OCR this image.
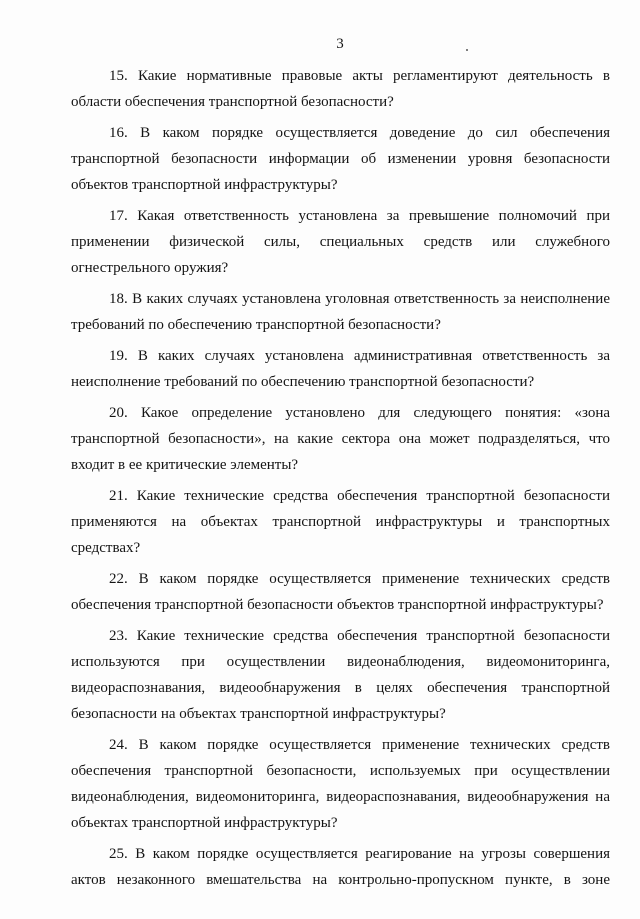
3

15. Какие нормативные правовые акты регламентируют деятельность в области обеспечения транспортной безопасности?

16. В каком порядке осуществляется доведение до сил обеспечения транспортной безопасности информации об изменении уровня безопасности объектов транспортной инфраструктуры?

17. Какая ответственность установлена за превышение полномочий при применении физической силы, специальных средств или служебного огнестрельного оружия?

18. В каких случаях установлена уголовная ответственность за неисполнение требований по обеспечению транспортной безопасности?

19. В каких случаях установлена административная ответственность за неисполнение требований по обеспечению транспортной безопасности?

20. Какое определение установлено для следующего понятия: «зона транспортной безопасности», на какие сектора она может подразделяться, что входит в ее критические элементы?

21. Какие технические средства обеспечения транспортной безопасности применяются на объектах транспортной инфраструктуры и транспортных средствах?

22. В каком порядке осуществляется применение технических средств обеспечения транспортной безопасности объектов транспортной инфраструктуры?

23. Какие технические средства обеспечения транспортной безопасности используются при осуществлении видеонаблюдения, видеомониторинга, видеораспознавания, видеообнаружения в целях обеспечения транспортной безопасности на объектах транспортной инфраструктуры?

24. В каком порядке осуществляется применение технических средств обеспечения транспортной безопасности, используемых при осуществлении видеонаблюдения, видеомониторинга, видеораспознавания, видеообнаружения на объектах транспортной инфраструктуры?

25. В каком порядке осуществляется реагирование на угрозы совершения актов незаконного вмешательства на контрольно-пропускном пункте, в зоне
